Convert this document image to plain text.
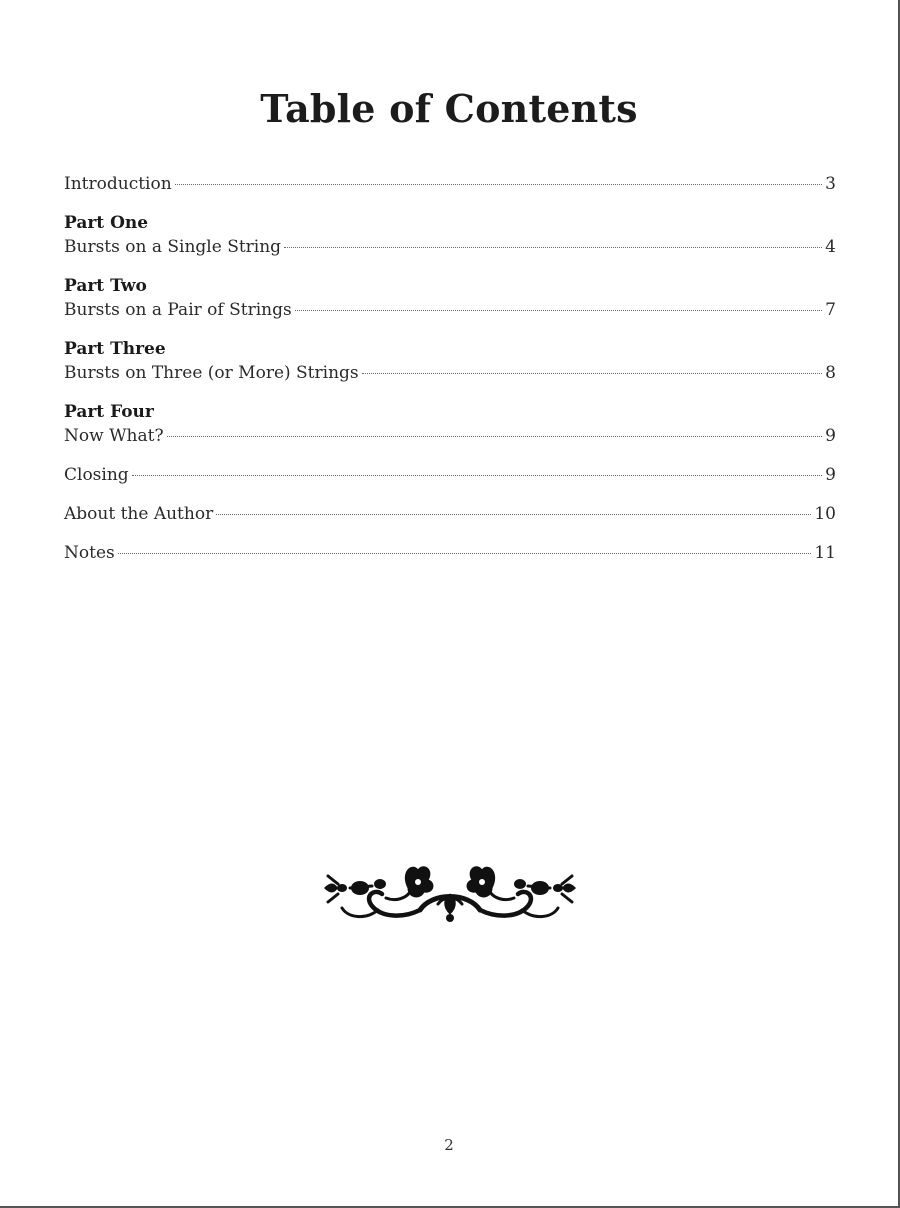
Table of Contents
Introduction	3
Part One
Bursts on a Single String	4
Part Two
Bursts on a Pair of Strings	7
Part Three
Bursts on Three (or More) Strings	8
Part Four
Now What?	9
Closing	9
About the Author	10
Notes	11
2
